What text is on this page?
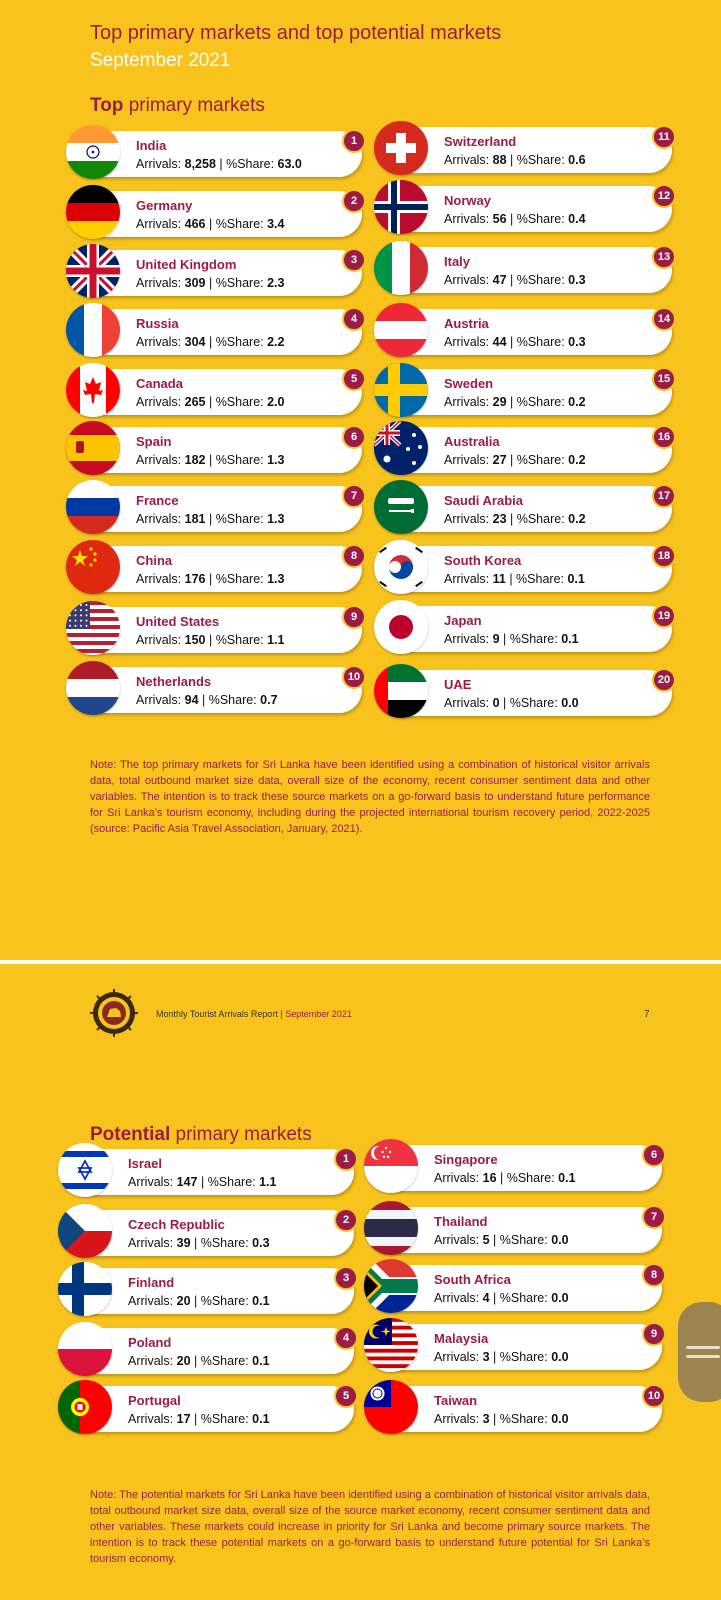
Top primary markets and top potential markets
September 2021
Top primary markets
India
Arrivals: 8,258 | %Share: 63.0
1
Germany
Arrivals: 466 | %Share: 3.4
2
United Kingdom
Arrivals: 309 | %Share: 2.3
3
Russia
Arrivals: 304 | %Share: 2.2
4
Canada
Arrivals: 265 | %Share: 2.0
5
Spain
Arrivals: 182 | %Share: 1.3
6
France
Arrivals: 181 | %Share: 1.3
7
China
Arrivals: 176 | %Share: 1.3
8
United States
Arrivals: 150 | %Share: 1.1
9
Netherlands
Arrivals: 94 | %Share: 0.7
10
Switzerland
Arrivals: 88 | %Share: 0.6
11
Norway
Arrivals: 56 | %Share: 0.4
12
Italy
Arrivals: 47 | %Share: 0.3
13
Austria
Arrivals: 44 | %Share: 0.3
14
Sweden
Arrivals: 29 | %Share: 0.2
15
Australia
Arrivals: 27 | %Share: 0.2
16
Saudi Arabia
Arrivals: 23 | %Share: 0.2
17
South Korea
Arrivals: 11 | %Share: 0.1
18
Japan
Arrivals: 9 | %Share: 0.1
19
UAE
Arrivals: 0 | %Share: 0.0
20
Note: The top primary markets for Sri Lanka have been identified using a combination of historical visitor arrivals data, total outbound market size data, overall size of the economy, recent consumer sentiment data and other variables. The intention is to track these source markets on a go-forward basis to understand future performance for Sri Lanka’s tourism economy, including during the projected international tourism recovery period, 2022-2025 (source: Pacific Asia Travel Association, January, 2021).
Monthly Tourist Arrivals Report | September 2021	7
Potential primary markets
Israel
Arrivals: 147 | %Share: 1.1
1
Czech Republic
Arrivals: 39 | %Share: 0.3
2
Finland
Arrivals: 20 | %Share: 0.1
3
Poland
Arrivals: 20 | %Share: 0.1
4
Portugal
Arrivals: 17 | %Share: 0.1
5
Singapore
Arrivals: 16 | %Share: 0.1
6
Thailand
Arrivals: 5 | %Share: 0.0
7
South Africa
Arrivals: 4 | %Share: 0.0
8
Malaysia
Arrivals: 3 | %Share: 0.0
9
Taiwan
Arrivals: 3 | %Share: 0.0
10
Note: The potential markets for Sri Lanka have been identified using a combination of historical visitor arrivals data, total outbound market size data, overall size of the source market economy, recent consumer sentiment data and other variables. These markets could increase in priority for Sri Lanka and become primary source markets. The intention is to track these potential markets on a go-forward basis to understand future potential for Sri Lanka’s tourism economy.
